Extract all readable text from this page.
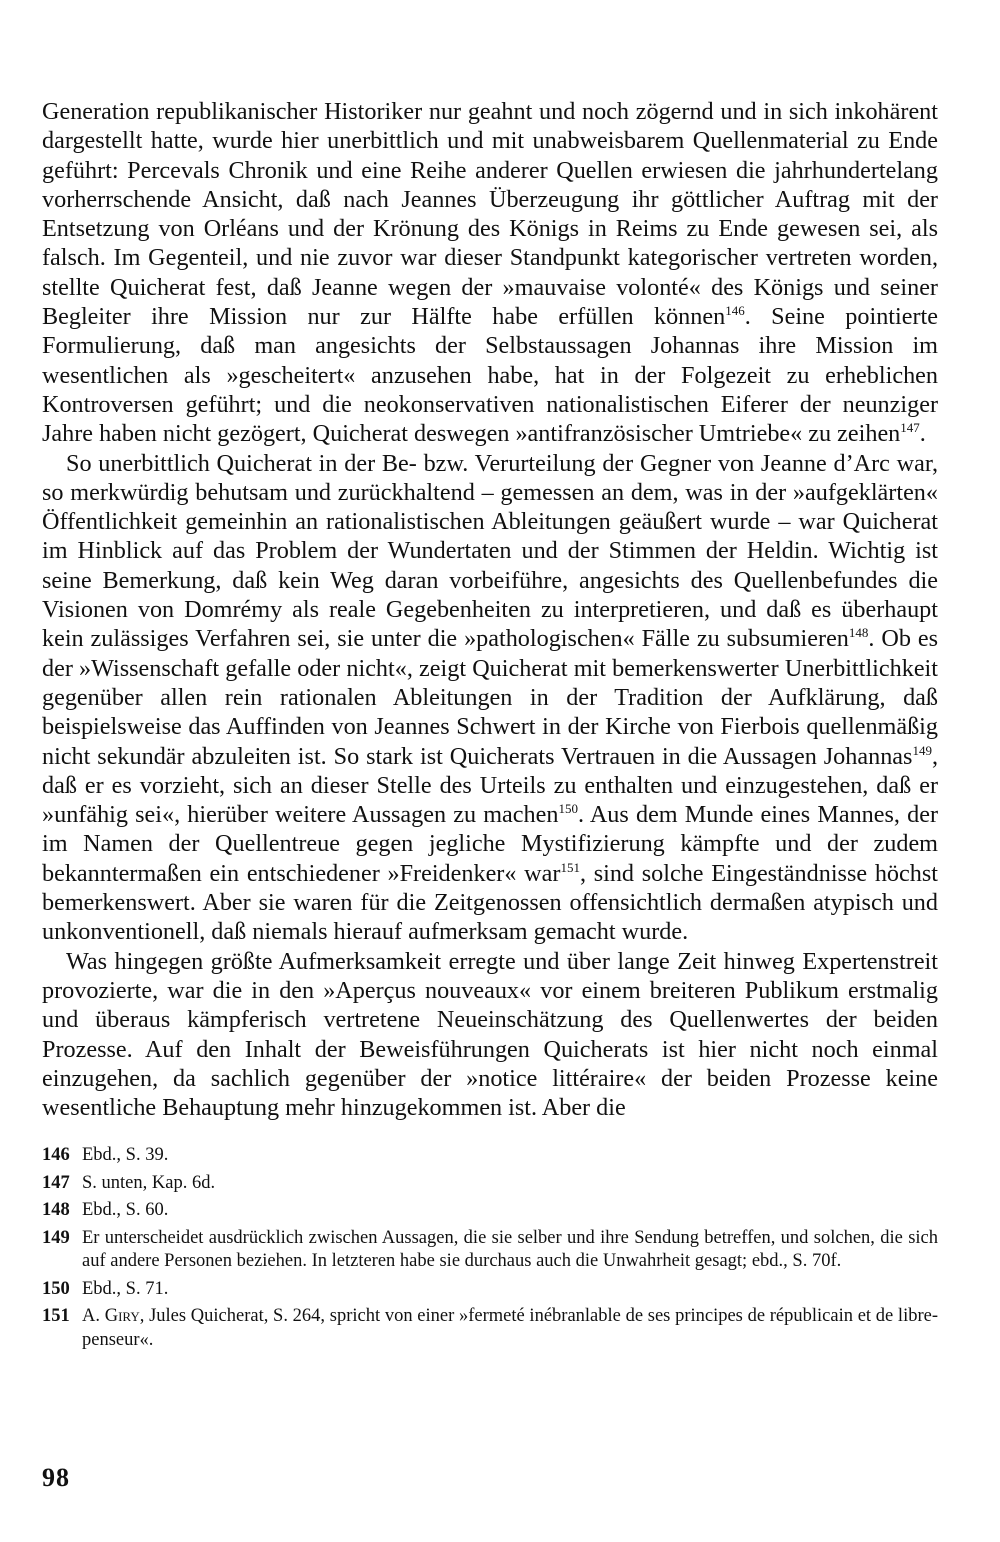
Generation republikanischer Historiker nur geahnt und noch zögernd und in sich inkohärent dargestellt hatte, wurde hier unerbittlich und mit unabweisbarem Quellenmaterial zu Ende geführt: Percevals Chronik und eine Reihe anderer Quellen erwiesen die jahrhundertelang vorherrschende Ansicht, daß nach Jeannes Überzeugung ihr göttlicher Auftrag mit der Entsetzung von Orléans und der Krönung des Königs in Reims zu Ende gewesen sei, als falsch. Im Gegenteil, und nie zuvor war dieser Standpunkt kategorischer vertreten worden, stellte Quicherat fest, daß Jeanne wegen der »mauvaise volonté« des Königs und seiner Begleiter ihre Mission nur zur Hälfte habe erfüllen können$^{146}$. Seine pointierte Formulierung, daß man angesichts der Selbstaussagen Johannas ihre Mission im wesentlichen als »gescheitert« anzusehen habe, hat in der Folgezeit zu erheblichen Kontroversen geführt; und die neokonservativen nationalistischen Eiferer der neunziger Jahre haben nicht gezögert, Quicherat deswegen »antifranzösischer Umtriebe« zu zeihen$^{147}$.

So unerbittlich Quicherat in der Be- bzw. Verurteilung der Gegner von Jeanne d’Arc war, so merkwürdig behutsam und zurückhaltend – gemessen an dem, was in der »aufgeklärten« Öffentlichkeit gemeinhin an rationalistischen Ableitungen geäußert wurde – war Quicherat im Hinblick auf das Problem der Wundertaten und der Stimmen der Heldin. Wichtig ist seine Bemerkung, daß kein Weg daran vorbeiführe, angesichts des Quellenbefundes die Visionen von Domrémy als reale Gegebenheiten zu interpretieren, und daß es überhaupt kein zulässiges Verfahren sei, sie unter die »pathologischen« Fälle zu subsumieren$^{148}$. Ob es der »Wissenschaft gefalle oder nicht«, zeigt Quicherat mit bemerkenswerter Unerbittlichkeit gegenüber allen rein rationalen Ableitungen in der Tradition der Aufklärung, daß beispielsweise das Auffinden von Jeannes Schwert in der Kirche von Fierbois quellenmäßig nicht sekundär abzuleiten ist. So stark ist Quicherats Vertrauen in die Aussagen Johannas$^{149}$, daß er es vorzieht, sich an dieser Stelle des Urteils zu enthalten und einzugestehen, daß er »unfähig sei«, hierüber weitere Aussagen zu machen$^{150}$. Aus dem Munde eines Mannes, der im Namen der Quellentreue gegen jegliche Mystifizierung kämpfte und der zudem bekanntermaßen ein entschiedener »Freidenker« war$^{151}$, sind solche Eingeständnisse höchst bemerkenswert. Aber sie waren für die Zeitgenossen offensichtlich dermaßen atypisch und unkonventionell, daß niemals hierauf aufmerksam gemacht wurde.

Was hingegen größte Aufmerksamkeit erregte und über lange Zeit hinweg Expertenstreit provozierte, war die in den »Aperçus nouveaux« vor einem breiteren Publikum erstmalig und überaus kämpferisch vertretene Neueinschätzung des Quellenwertes der beiden Prozesse. Auf den Inhalt der Beweisführungen Quicherats ist hier nicht noch einmal einzugehen, da sachlich gegenüber der »notice littéraire« der beiden Prozesse keine wesentliche Behauptung mehr hinzugekommen ist. Aber die

146 Ebd., S. 39.
147 S. unten, Kap. 6d.
148 Ebd., S. 60.
149 Er unterscheidet ausdrücklich zwischen Aussagen, die sie selber und ihre Sendung betreffen, und solchen, die sich auf andere Personen beziehen. In letzteren habe sie durchaus auch die Unwahrheit gesagt; ebd., S. 70f.
150 Ebd., S. 71.
151 A. Giry, Jules Quicherat, S. 264, spricht von einer »fermeté inébranlable de ses principes de républicain et de libre-penseur«.
98
